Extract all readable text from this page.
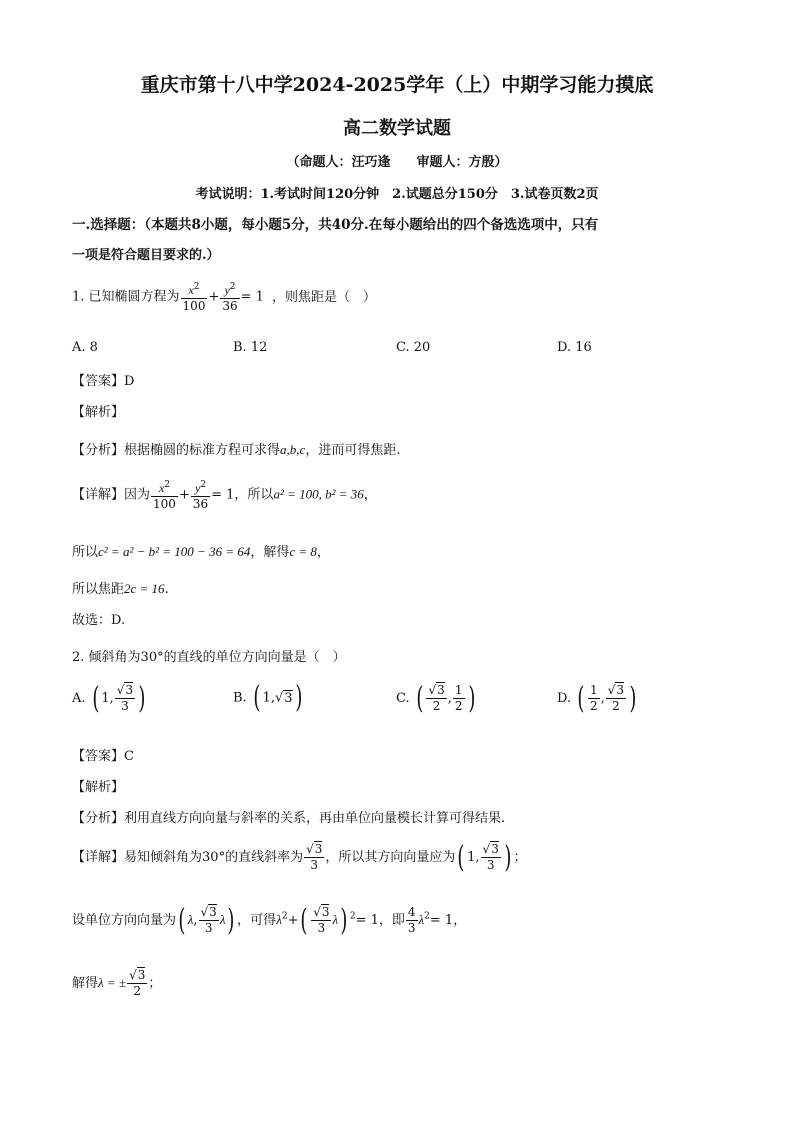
重庆市第十八中学2024-2025学年（上）中期学习能力摸底
高二数学试题
（命题人：汪巧逢　　审题人：方殷）
考试说明：1.考试时间120分钟　2.试题总分150分　3.试卷页数2页
一.选择题：（本题共8小题，每小题5分，共40分.在每小题给出的四个备选选项中，只有
一项是符合题目要求的.）
1. 已知椭圆方程为 $\frac{x^2}{100} + \frac{y^2}{36} = 1$ ，则焦距是（　）
A. 8	B. 12	C. 20	D. 16
【答案】D
【解析】
【分析】根据椭圆的标准方程可求得a,b,c，进而可得焦距.
【详解】因为 $\frac{x^2}{100} + \frac{y^2}{36} = 1$，所以a² = 100, b² = 36，
所以c² = a² − b² = 100 − 36 = 64，解得c = 8，
所以焦距2c = 16.
故选：D.
2. 倾斜角为30°的直线的单位方向向量是（　）
A. ( 1, $\frac{√3}{3}$ )	B. ( 1,√3)	C. ( $\frac{√3}{2}$ , $\frac{1}{2}$ )	D. ( $\frac{1}{2}$ , $\frac{√3}{2}$ )
【答案】C
【解析】
【分析】利用直线方向向量与斜率的关系，再由单位向量模长计算可得结果.
【详解】易知倾斜角为30°的直线斜率为 $\frac{√3}{3}$ ，所以其方向向量应为( 1, $\frac{√3}{3}$ ) ；
设单位方向向量为( λ, $\frac{√3}{3} \lambda$) ，可得$\lambda^2+( \frac{√3}{3} \lambda)$ $^2$= 1，即 $\frac{4}{3} \lambda^2= 1$，
解得λ = ± $\frac{√3}{2}$ ；
